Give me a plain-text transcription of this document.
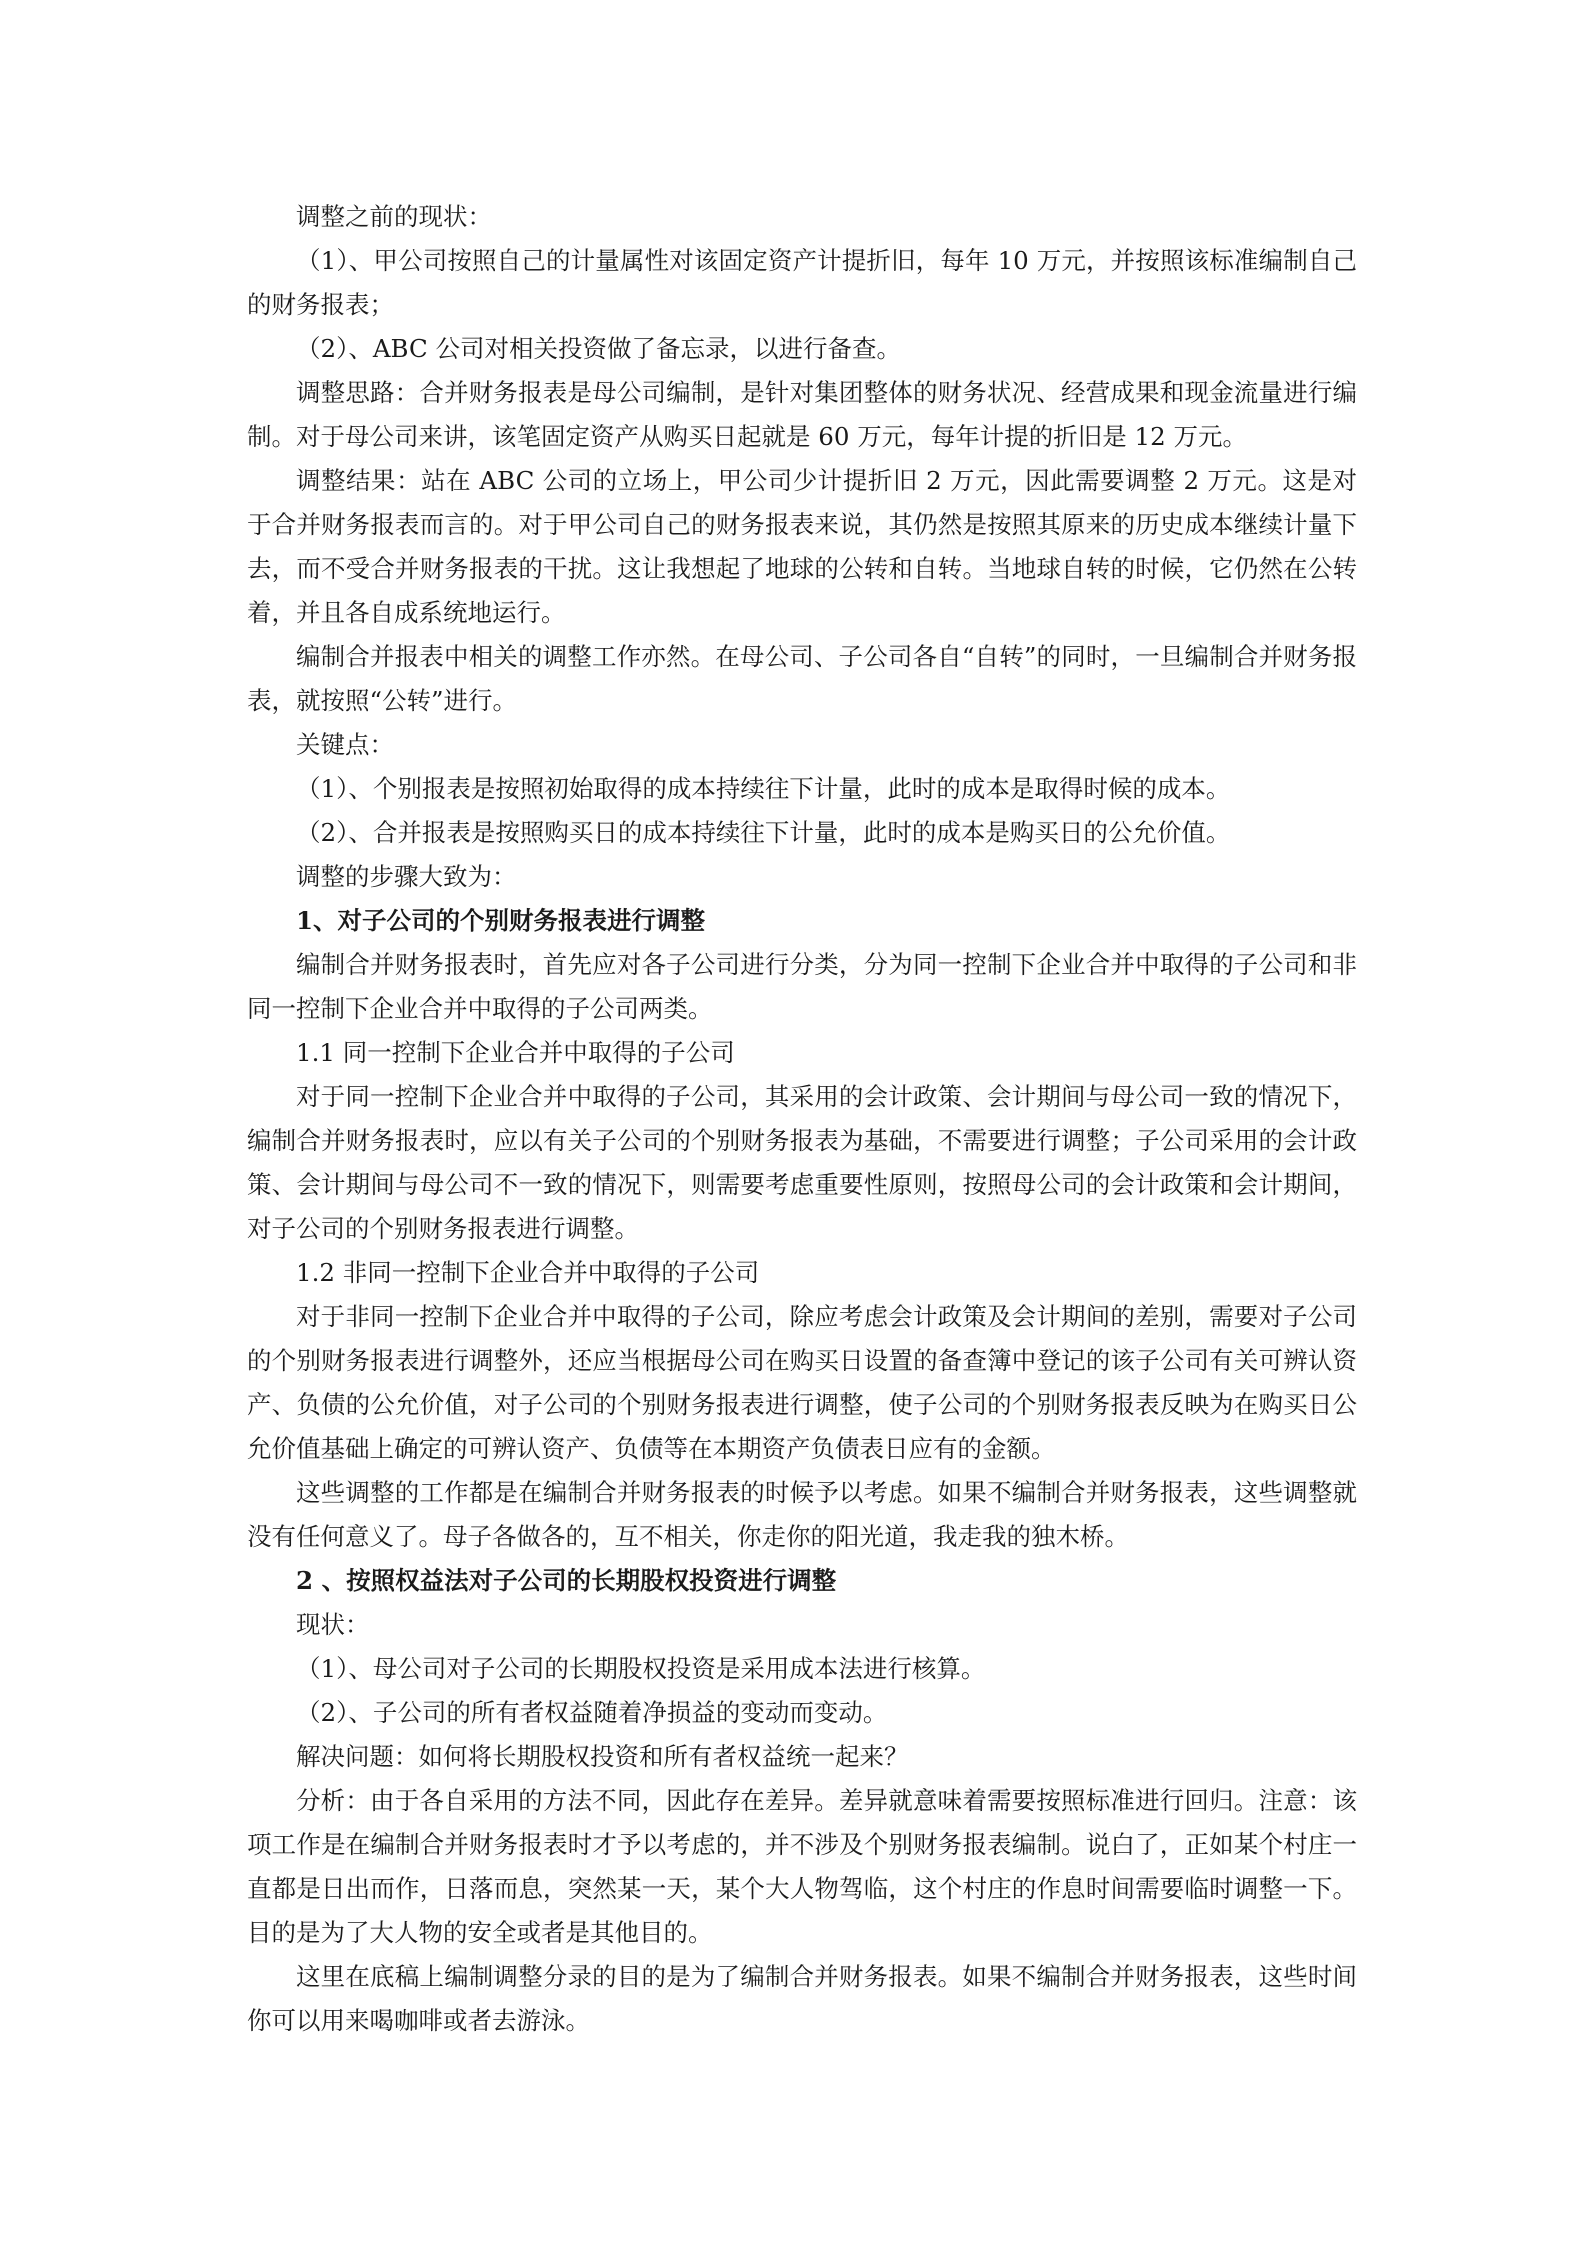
调整之前的现状：

（1）、甲公司按照自己的计量属性对该固定资产计提折旧，每年 10 万元，并按照该标准编制自己的财务报表；

（2）、ABC 公司对相关投资做了备忘录，以进行备查。

调整思路：合并财务报表是母公司编制，是针对集团整体的财务状况、经营成果和现金流量进行编制。对于母公司来讲，该笔固定资产从购买日起就是 60 万元，每年计提的折旧是 12 万元。

调整结果：站在 ABC 公司的立场上，甲公司少计提折旧 2 万元，因此需要调整 2 万元。这是对于合并财务报表而言的。对于甲公司自己的财务报表来说，其仍然是按照其原来的历史成本继续计量下去，而不受合并财务报表的干扰。这让我想起了地球的公转和自转。当地球自转的时候，它仍然在公转着，并且各自成系统地运行。

编制合并报表中相关的调整工作亦然。在母公司、子公司各自“自转”的同时，一旦编制合并财务报表，就按照“公转”进行。

关键点：

（1）、个别报表是按照初始取得的成本持续往下计量，此时的成本是取得时候的成本。

（2）、合并报表是按照购买日的成本持续往下计量，此时的成本是购买日的公允价值。

调整的步骤大致为：

1、对子公司的个别财务报表进行调整

编制合并财务报表时，首先应对各子公司进行分类，分为同一控制下企业合并中取得的子公司和非同一控制下企业合并中取得的子公司两类。

1.1 同一控制下企业合并中取得的子公司

对于同一控制下企业合并中取得的子公司，其采用的会计政策、会计期间与母公司一致的情况下，编制合并财务报表时，应以有关子公司的个别财务报表为基础，不需要进行调整；子公司采用的会计政策、会计期间与母公司不一致的情况下，则需要考虑重要性原则，按照母公司的会计政策和会计期间，对子公司的个别财务报表进行调整。

1.2 非同一控制下企业合并中取得的子公司

对于非同一控制下企业合并中取得的子公司，除应考虑会计政策及会计期间的差别，需要对子公司的个别财务报表进行调整外，还应当根据母公司在购买日设置的备查簿中登记的该子公司有关可辨认资产、负债的公允价值，对子公司的个别财务报表进行调整，使子公司的个别财务报表反映为在购买日公允价值基础上确定的可辨认资产、负债等在本期资产负债表日应有的金额。

这些调整的工作都是在编制合并财务报表的时候予以考虑。如果不编制合并财务报表，这些调整就没有任何意义了。母子各做各的，互不相关，你走你的阳光道，我走我的独木桥。

2 、按照权益法对子公司的长期股权投资进行调整

现状：

（1）、母公司对子公司的长期股权投资是采用成本法进行核算。

（2）、子公司的所有者权益随着净损益的变动而变动。

解决问题：如何将长期股权投资和所有者权益统一起来？

分析：由于各自采用的方法不同，因此存在差异。差异就意味着需要按照标准进行回归。注意：该项工作是在编制合并财务报表时才予以考虑的，并不涉及个别财务报表编制。说白了，正如某个村庄一直都是日出而作，日落而息，突然某一天，某个大人物驾临，这个村庄的作息时间需要临时调整一下。目的是为了大人物的安全或者是其他目的。

这里在底稿上编制调整分录的目的是为了编制合并财务报表。如果不编制合并财务报表，这些时间你可以用来喝咖啡或者去游泳。
